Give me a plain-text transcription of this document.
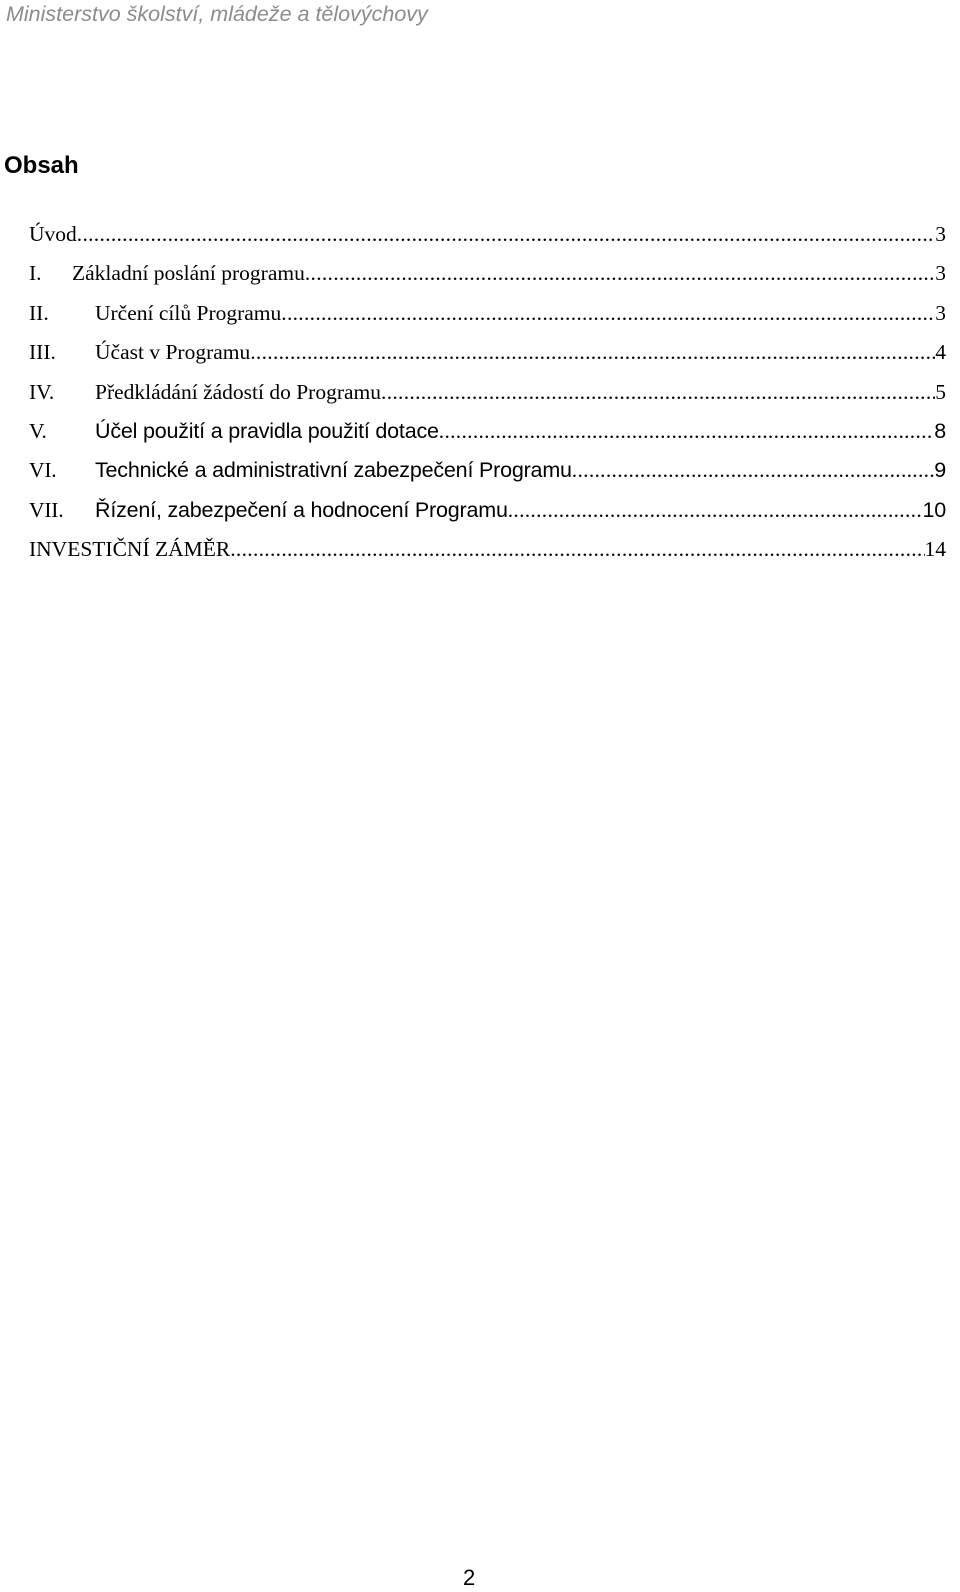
Ministerstvo školství, mládeže a tělovýchovy
Obsah
Úvod .....	3
I.	Základní poslání programu .....	3
II.	Určení cílů Programu .....	3
III.	Účast v Programu .....	4
IV.	Předkládání žádostí do Programu .....	5
V.	Účel použití a pravidla použití dotace .....	8
VI.	Technické a administrativní zabezpečení Programu .....	9
VII.	Řízení, zabezpečení a hodnocení Programu .....	10
INVESTIČNÍ ZÁMĚR .....	14
2
